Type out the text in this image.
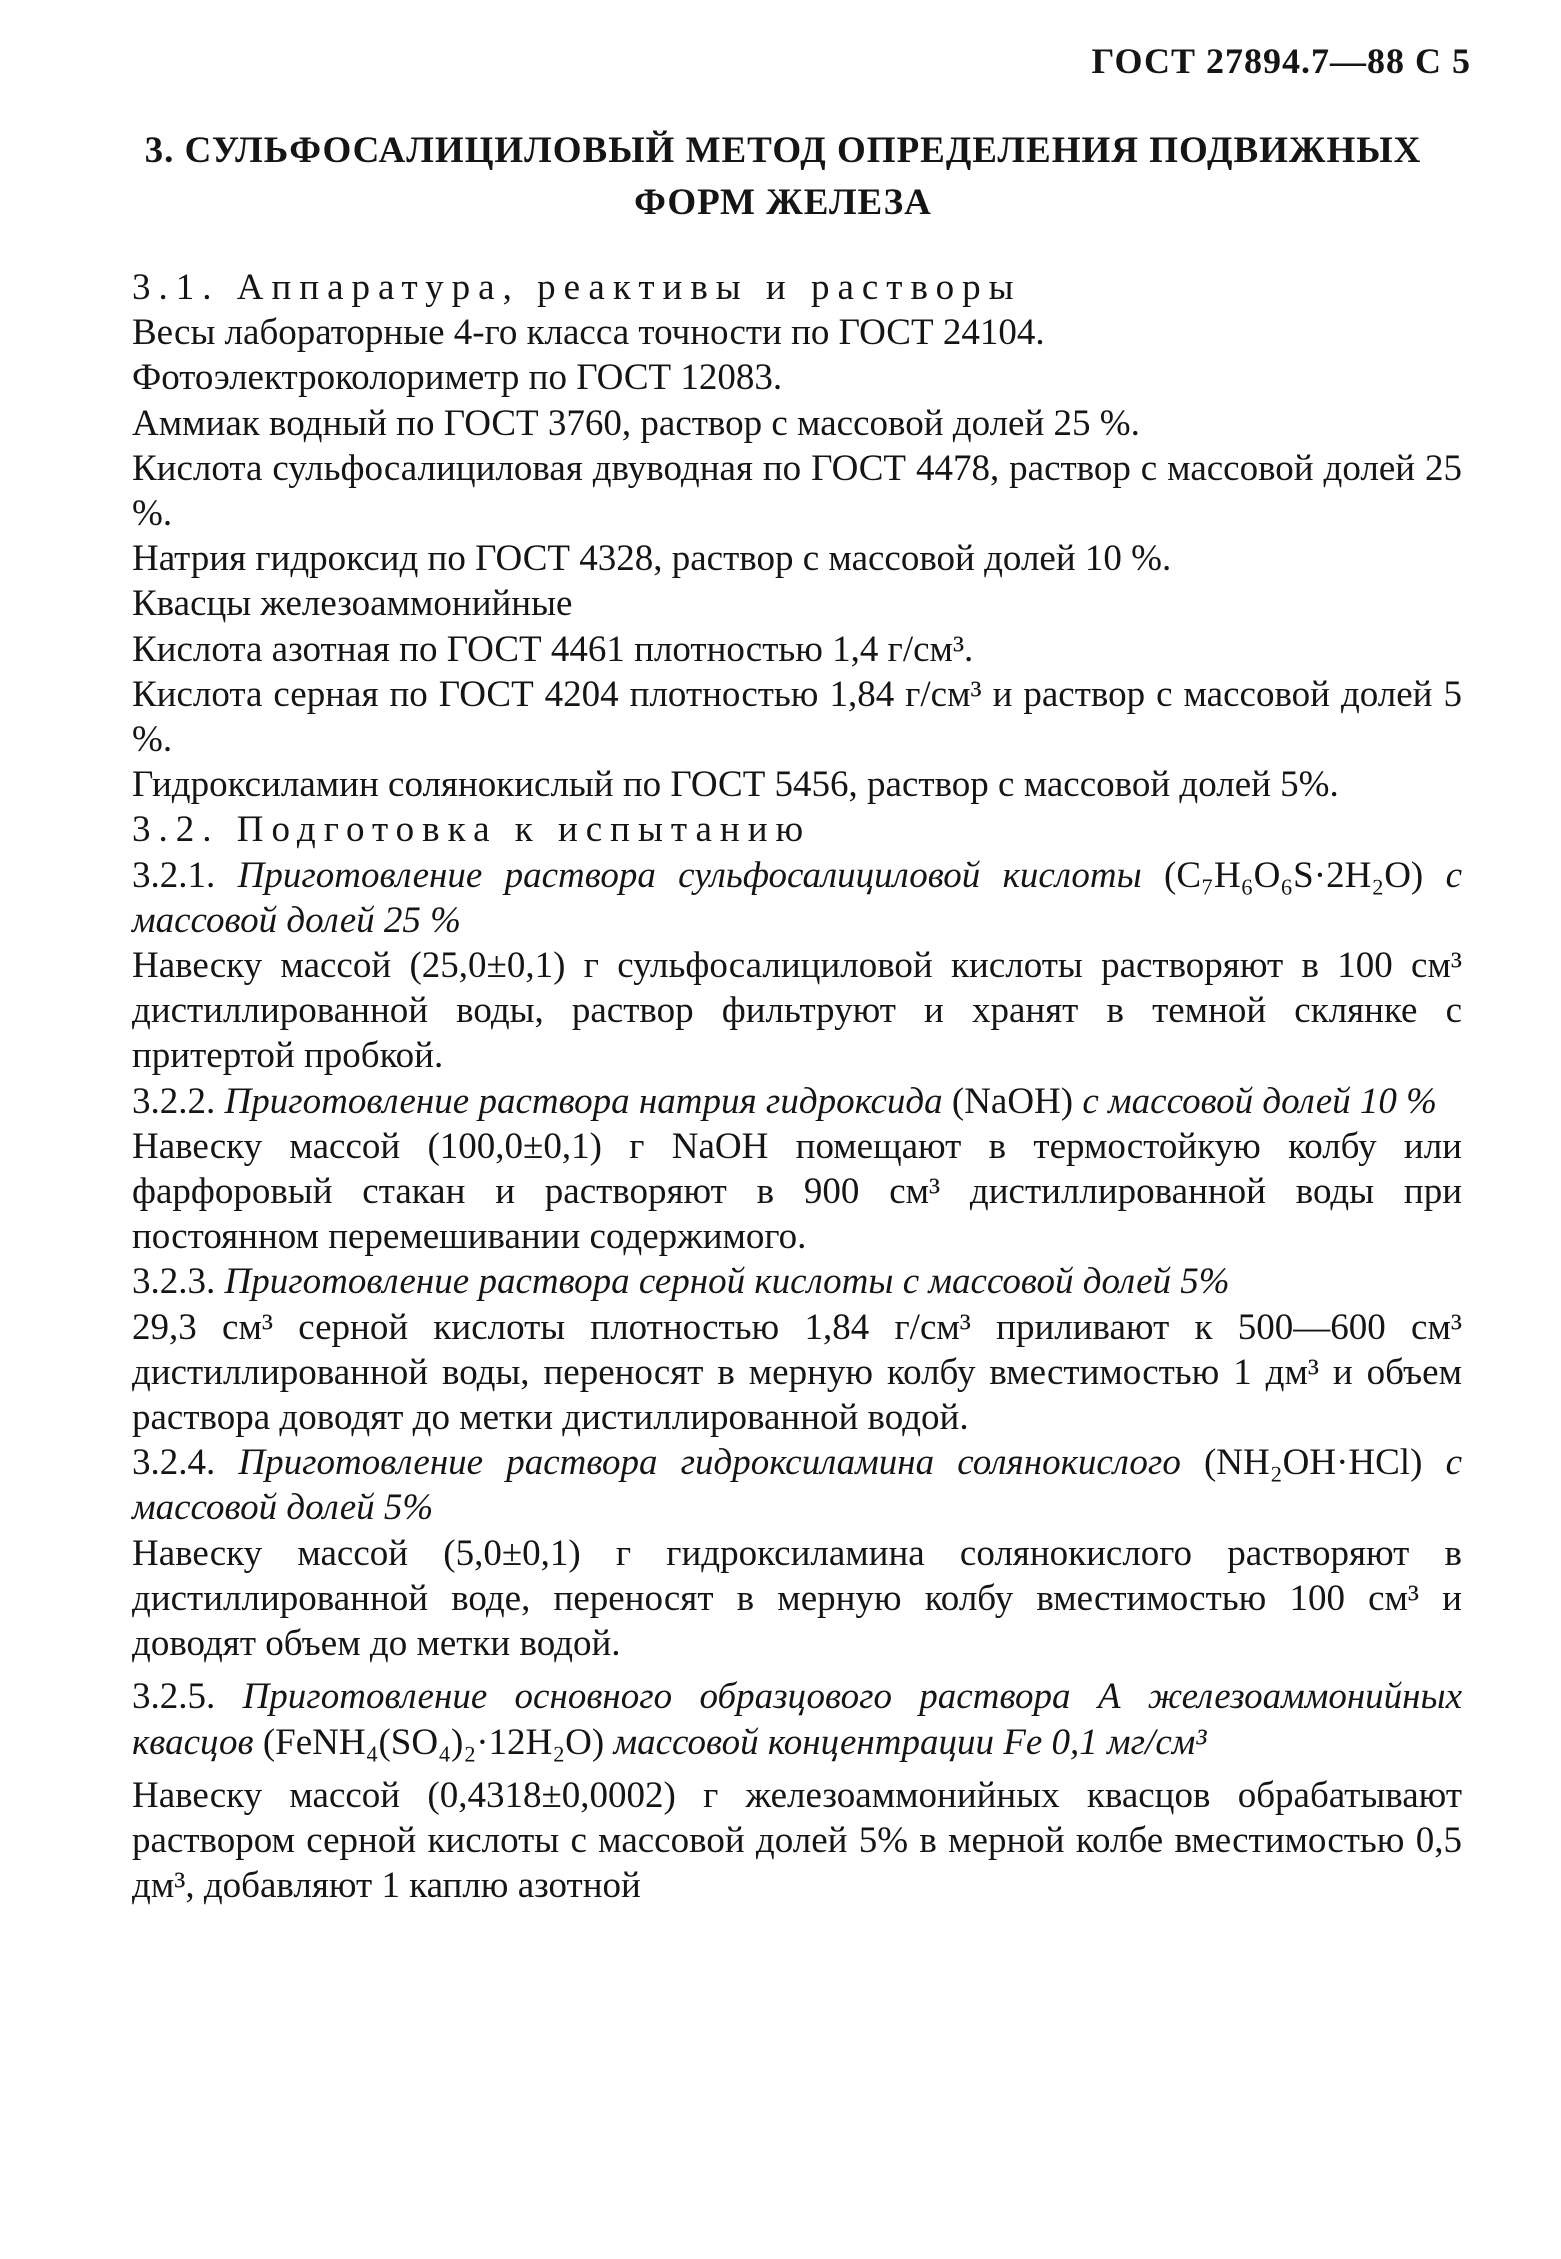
ГОСТ 27894.7—88 С 5
3. СУЛЬФОСАЛИЦИЛОВЫЙ МЕТОД ОПРЕДЕЛЕНИЯ ПОДВИЖНЫХ
ФОРМ ЖЕЛЕЗА

3.1. Аппаратура, реактивы и растворы

Весы лабораторные 4-го класса точности по ГОСТ 24104.

Фотоэлектроколориметр по ГОСТ 12083.

Аммиак водный по ГОСТ 3760, раствор с массовой долей 25 %.

Кислота сульфосалициловая двуводная по ГОСТ 4478, раствор с массовой долей 25 %.

Натрия гидроксид по ГОСТ 4328, раствор с массовой долей 10 %.

Квасцы железоаммонийные

Кислота азотная по ГОСТ 4461 плотностью 1,4 г/см³.

Кислота серная по ГОСТ 4204 плотностью 1,84 г/см³ и раствор с массовой долей 5 %.

Гидроксиламин солянокислый по ГОСТ 5456, раствор с массовой долей 5%.

3.2. Подготовка к испытанию

3.2.1. Приготовление раствора сульфосалициловой кислоты (C₇H₆O₆S·2H₂O) с массовой долей 25 %

Навеску массой (25,0±0,1) г сульфосалициловой кислоты растворяют в 100 см³ дистиллированной воды, раствор фильтруют и хранят в темной склянке с притертой пробкой.

3.2.2. Приготовление раствора натрия гидроксида (NaOH) с массовой долей 10 %

Навеску массой (100,0±0,1) г NaOH помещают в термостойкую колбу или фарфоровый стакан и растворяют в 900 см³ дистиллированной воды при постоянном перемешивании содержимого.

3.2.3. Приготовление раствора серной кислоты с массовой долей 5%

29,3 см³ серной кислоты плотностью 1,84 г/см³ приливают к 500—600 см³ дистиллированной воды, переносят в мерную колбу вместимостью 1 дм³ и объем раствора доводят до метки дистиллированной водой.

3.2.4. Приготовление раствора гидроксиламина солянокислого (NH₂OH·HCl) с массовой долей 5%

Навеску массой (5,0±0,1) г гидроксиламина солянокислого растворяют в дистиллированной воде, переносят в мерную колбу вместимостью 100 см³ и доводят объем до метки водой.

3.2.5. Приготовление основного образцового раствора А железоаммонийных квасцов (FeNH₄(SO₄)₂·12H₂O) массовой концентрации Fe 0,1 мг/см³

Навеску массой (0,4318±0,0002) г железоаммонийных квасцов обрабатывают раствором серной кислоты с массовой долей 5% в мерной колбе вместимостью 0,5 дм³, добавляют 1 каплю азотной
